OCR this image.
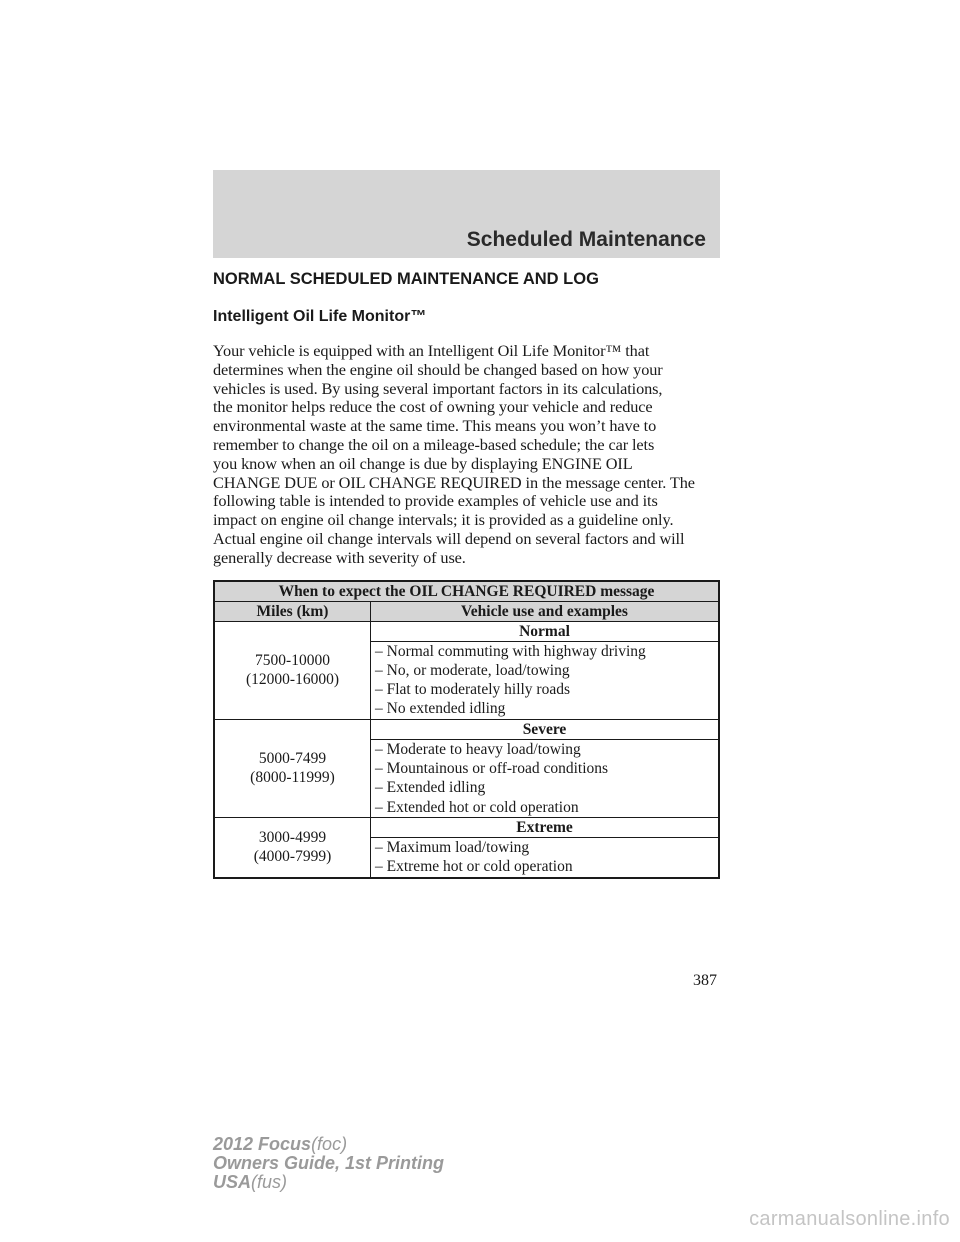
Scheduled Maintenance
NORMAL SCHEDULED MAINTENANCE AND LOG
Intelligent Oil Life Monitor™

Your vehicle is equipped with an Intelligent Oil Life Monitor™ that
determines when the engine oil should be changed based on how your
vehicles is used. By using several important factors in its calculations,
the monitor helps reduce the cost of owning your vehicle and reduce
environmental waste at the same time. This means you won’t have to
remember to change the oil on a mileage-based schedule; the car lets
you know when an oil change is due by displaying ENGINE OIL
CHANGE DUE or OIL CHANGE REQUIRED in the message center. The
following table is intended to provide examples of vehicle use and its
impact on engine oil change intervals; it is provided as a guideline only.
Actual engine oil change intervals will depend on several factors and will
generally decrease with severity of use.

When to expect the OIL CHANGE REQUIRED message	
Miles (km)	Vehicle use and examples
7500-10000
(12000-16000)	Normal

	– Normal commuting with highway driving
– No, or moderate, load/towing
– Flat to moderately hilly roads
– No extended idling

5000-7499
(8000-11999)	Severe

	– Moderate to heavy load/towing
– Mountainous or off-road conditions
– Extended idling
– Extended hot or cold operation

3000-4999
(4000-7999)	Extreme

	– Maximum load/towing
– Extreme hot or cold operation
387
2012 Focus(foc)
Owners Guide, 1st Printing
USA(fus)
carmanualsonline.info
